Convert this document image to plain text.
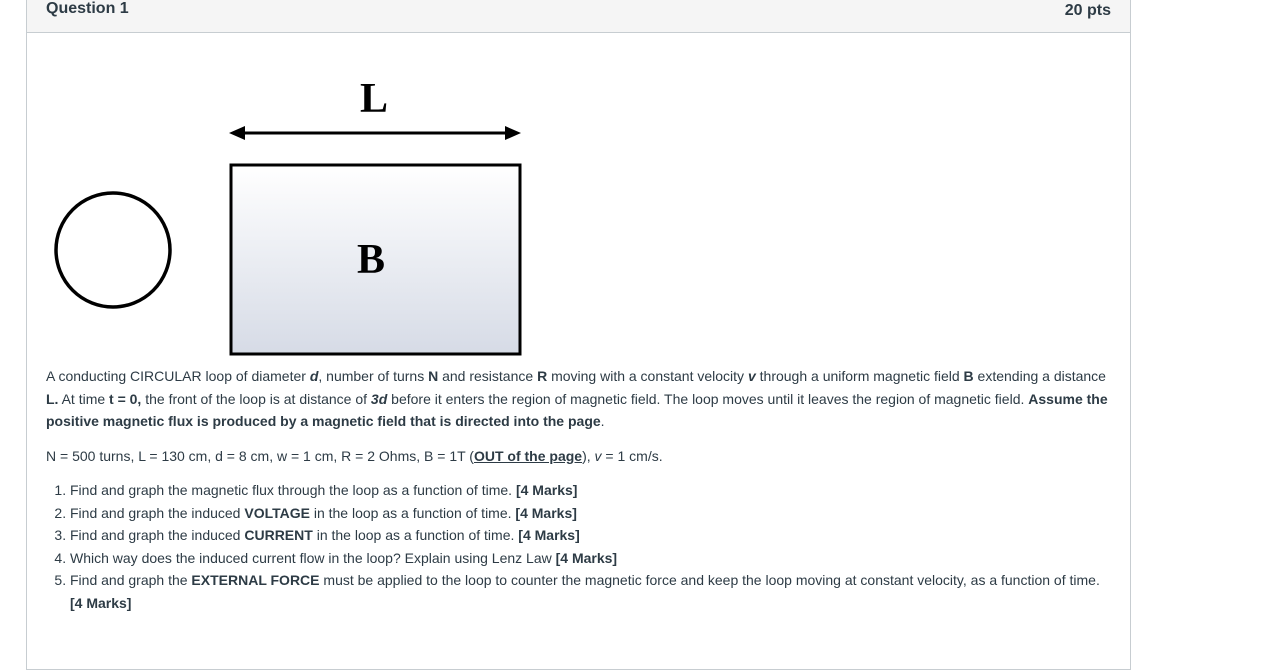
Question 1	20 pts
L
B

A conducting CIRCULAR loop of diameter d, number of turns N and resistance R moving with a constant velocity v through a uniform magnetic field B extending a distance L. At time t = 0, the front of the loop is at distance of 3d before it enters the region of magnetic field. The loop moves until it leaves the region of magnetic field. Assume the positive magnetic flux is produced by a magnetic field that is directed into the page.

N = 500 turns, L = 130 cm, d = 8 cm, w = 1 cm, R = 2 Ohms, B = 1T (OUT of the page), v = 1 cm/s.

1. Find and graph the magnetic flux through the loop as a function of time. [4 Marks]
2. Find and graph the induced VOLTAGE in the loop as a function of time. [4 Marks]
3. Find and graph the induced CURRENT in the loop as a function of time. [4 Marks]
4. Which way does the induced current flow in the loop? Explain using Lenz Law [4 Marks]
5. Find and graph the EXTERNAL FORCE must be applied to the loop to counter the magnetic force and keep the loop moving at constant velocity, as a function of time. [4 Marks]
